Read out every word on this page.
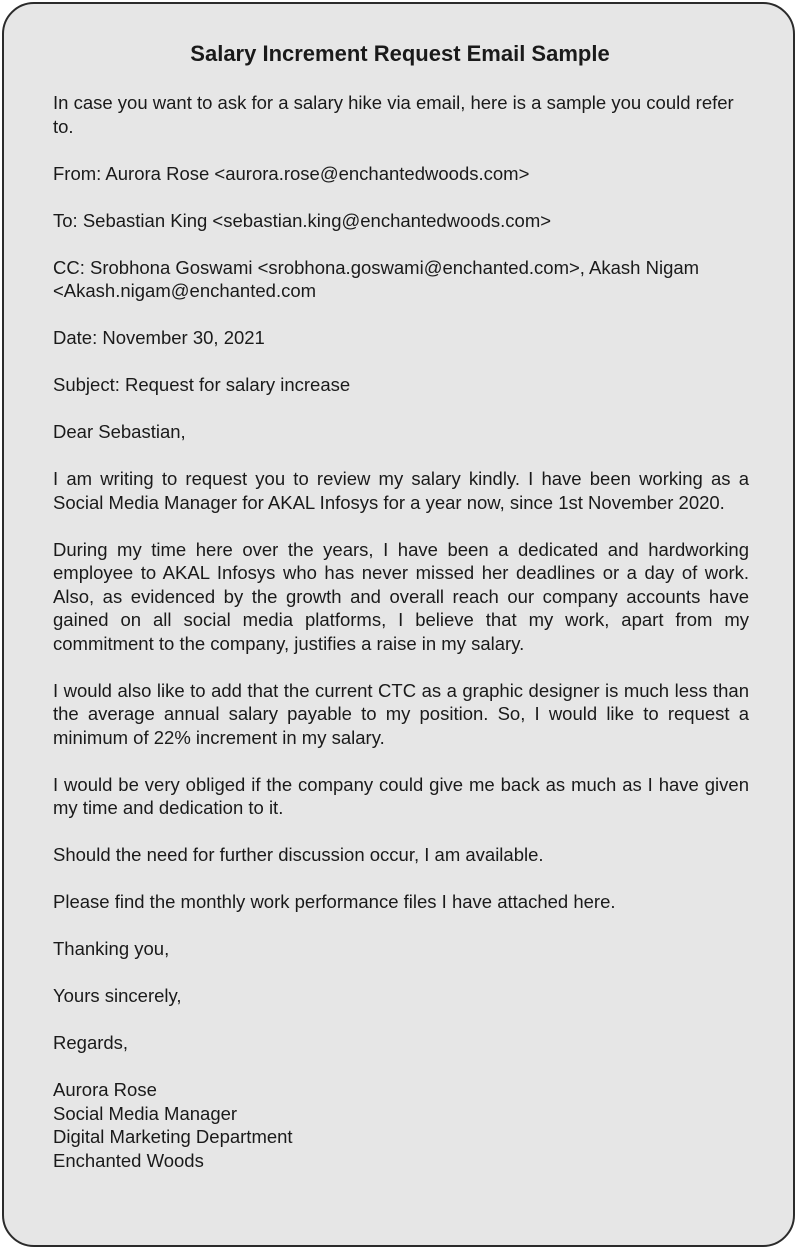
Salary Increment Request Email Sample

In case you want to ask for a salary hike via email, here is a sample you could refer to.

From: Aurora Rose <aurora.rose@enchantedwoods.com>

To: Sebastian King <sebastian.king@enchantedwoods.com>

CC: Srobhona Goswami <srobhona.goswami@enchanted.com>, Akash Nigam <Akash.nigam@enchanted.com

Date: November 30, 2021

Subject: Request for salary increase

Dear Sebastian,

I am writing to request you to review my salary kindly. I have been working as a Social Media Manager for AKAL Infosys for a year now, since 1st November 2020.

During my time here over the years, I have been a dedicated and hardworking employee to AKAL Infosys who has never missed her deadlines or a day of work. Also, as evidenced by the growth and overall reach our company accounts have gained on all social media platforms, I believe that my work, apart from my commitment to the company, justifies a raise in my salary.

I would also like to add that the current CTC as a graphic designer is much less than the average annual salary payable to my position. So, I would like to request a minimum of 22% increment in my salary.

I would be very obliged if the company could give me back as much as I have given my time and dedication to it.

Should the need for further discussion occur, I am available.

Please find the monthly work performance files I have attached here.

Thanking you,

Yours sincerely,

Regards,

Aurora Rose
Social Media Manager
Digital Marketing Department
Enchanted Woods
